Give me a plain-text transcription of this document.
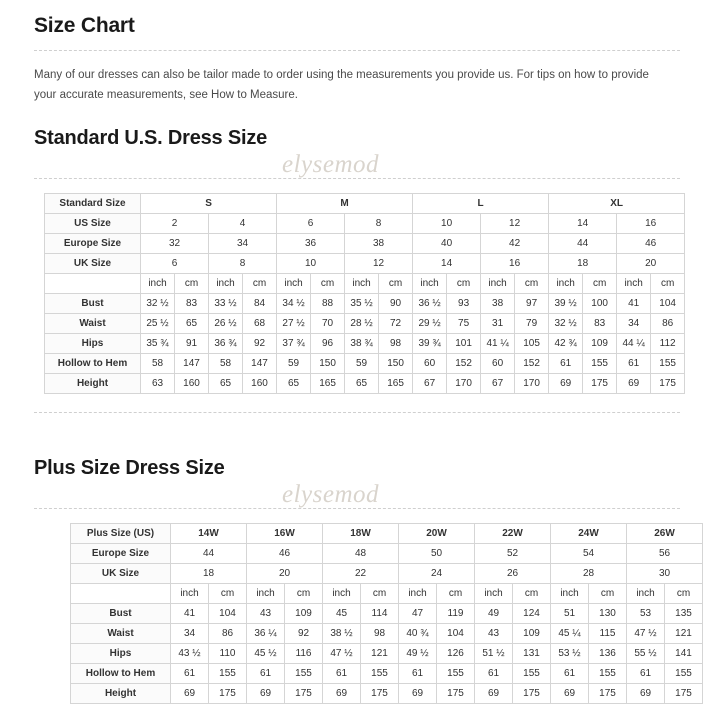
Size Chart

Many of our dresses can also be tailor made to order using the measurements you provide us. For tips on how to provide your accurate measurements, see How to Measure.

Standard U.S. Dress Size
elysemod
Standard Size	S				M				L				XL			
US Size	2		4		6		8		10		12		14		16	
Europe Size	32		34		36		38		40		42		44		46	
UK Size	6		8		10		12		14		16		18		20	
	inch	cm	inch	cm	inch	cm	inch	cm	inch	cm	inch	cm	inch	cm	inch	cm
Bust	32 ½	83	33 ½	84	34 ½	88	35 ½	90	36 ½	93	38	97	39 ½	100	41	104
Waist	25 ½	65	26 ½	68	27 ½	70	28 ½	72	29 ½	75	31	79	32 ½	83	34	86
Hips	35 ¾	91	36 ¾	92	37 ¾	96	38 ¾	98	39 ¾	101	41 ¼	105	42 ¾	109	44 ¼	112
Hollow to Hem	58	147	58	147	59	150	59	150	60	152	60	152	61	155	61	155
Height	63	160	65	160	65	165	65	165	67	170	67	170	69	175	69	175
Plus Size Dress Size
elysemod
Plus Size (US)	14W		16W		18W		20W		22W		24W		26W	
Europe Size	44		46		48		50		52		54		56	
UK Size	18		20		22		24		26		28		30	
	inch	cm	inch	cm	inch	cm	inch	cm	inch	cm	inch	cm	inch	cm
Bust	41	104	43	109	45	114	47	119	49	124	51	130	53	135
Waist	34	86	36 ¼	92	38 ½	98	40 ¾	104	43	109	45 ¼	115	47 ½	121
Hips	43 ½	110	45 ½	116	47 ½	121	49 ½	126	51 ½	131	53 ½	136	55 ½	141
Hollow to Hem	61	155	61	155	61	155	61	155	61	155	61	155	61	155
Height	69	175	69	175	69	175	69	175	69	175	69	175	69	175
